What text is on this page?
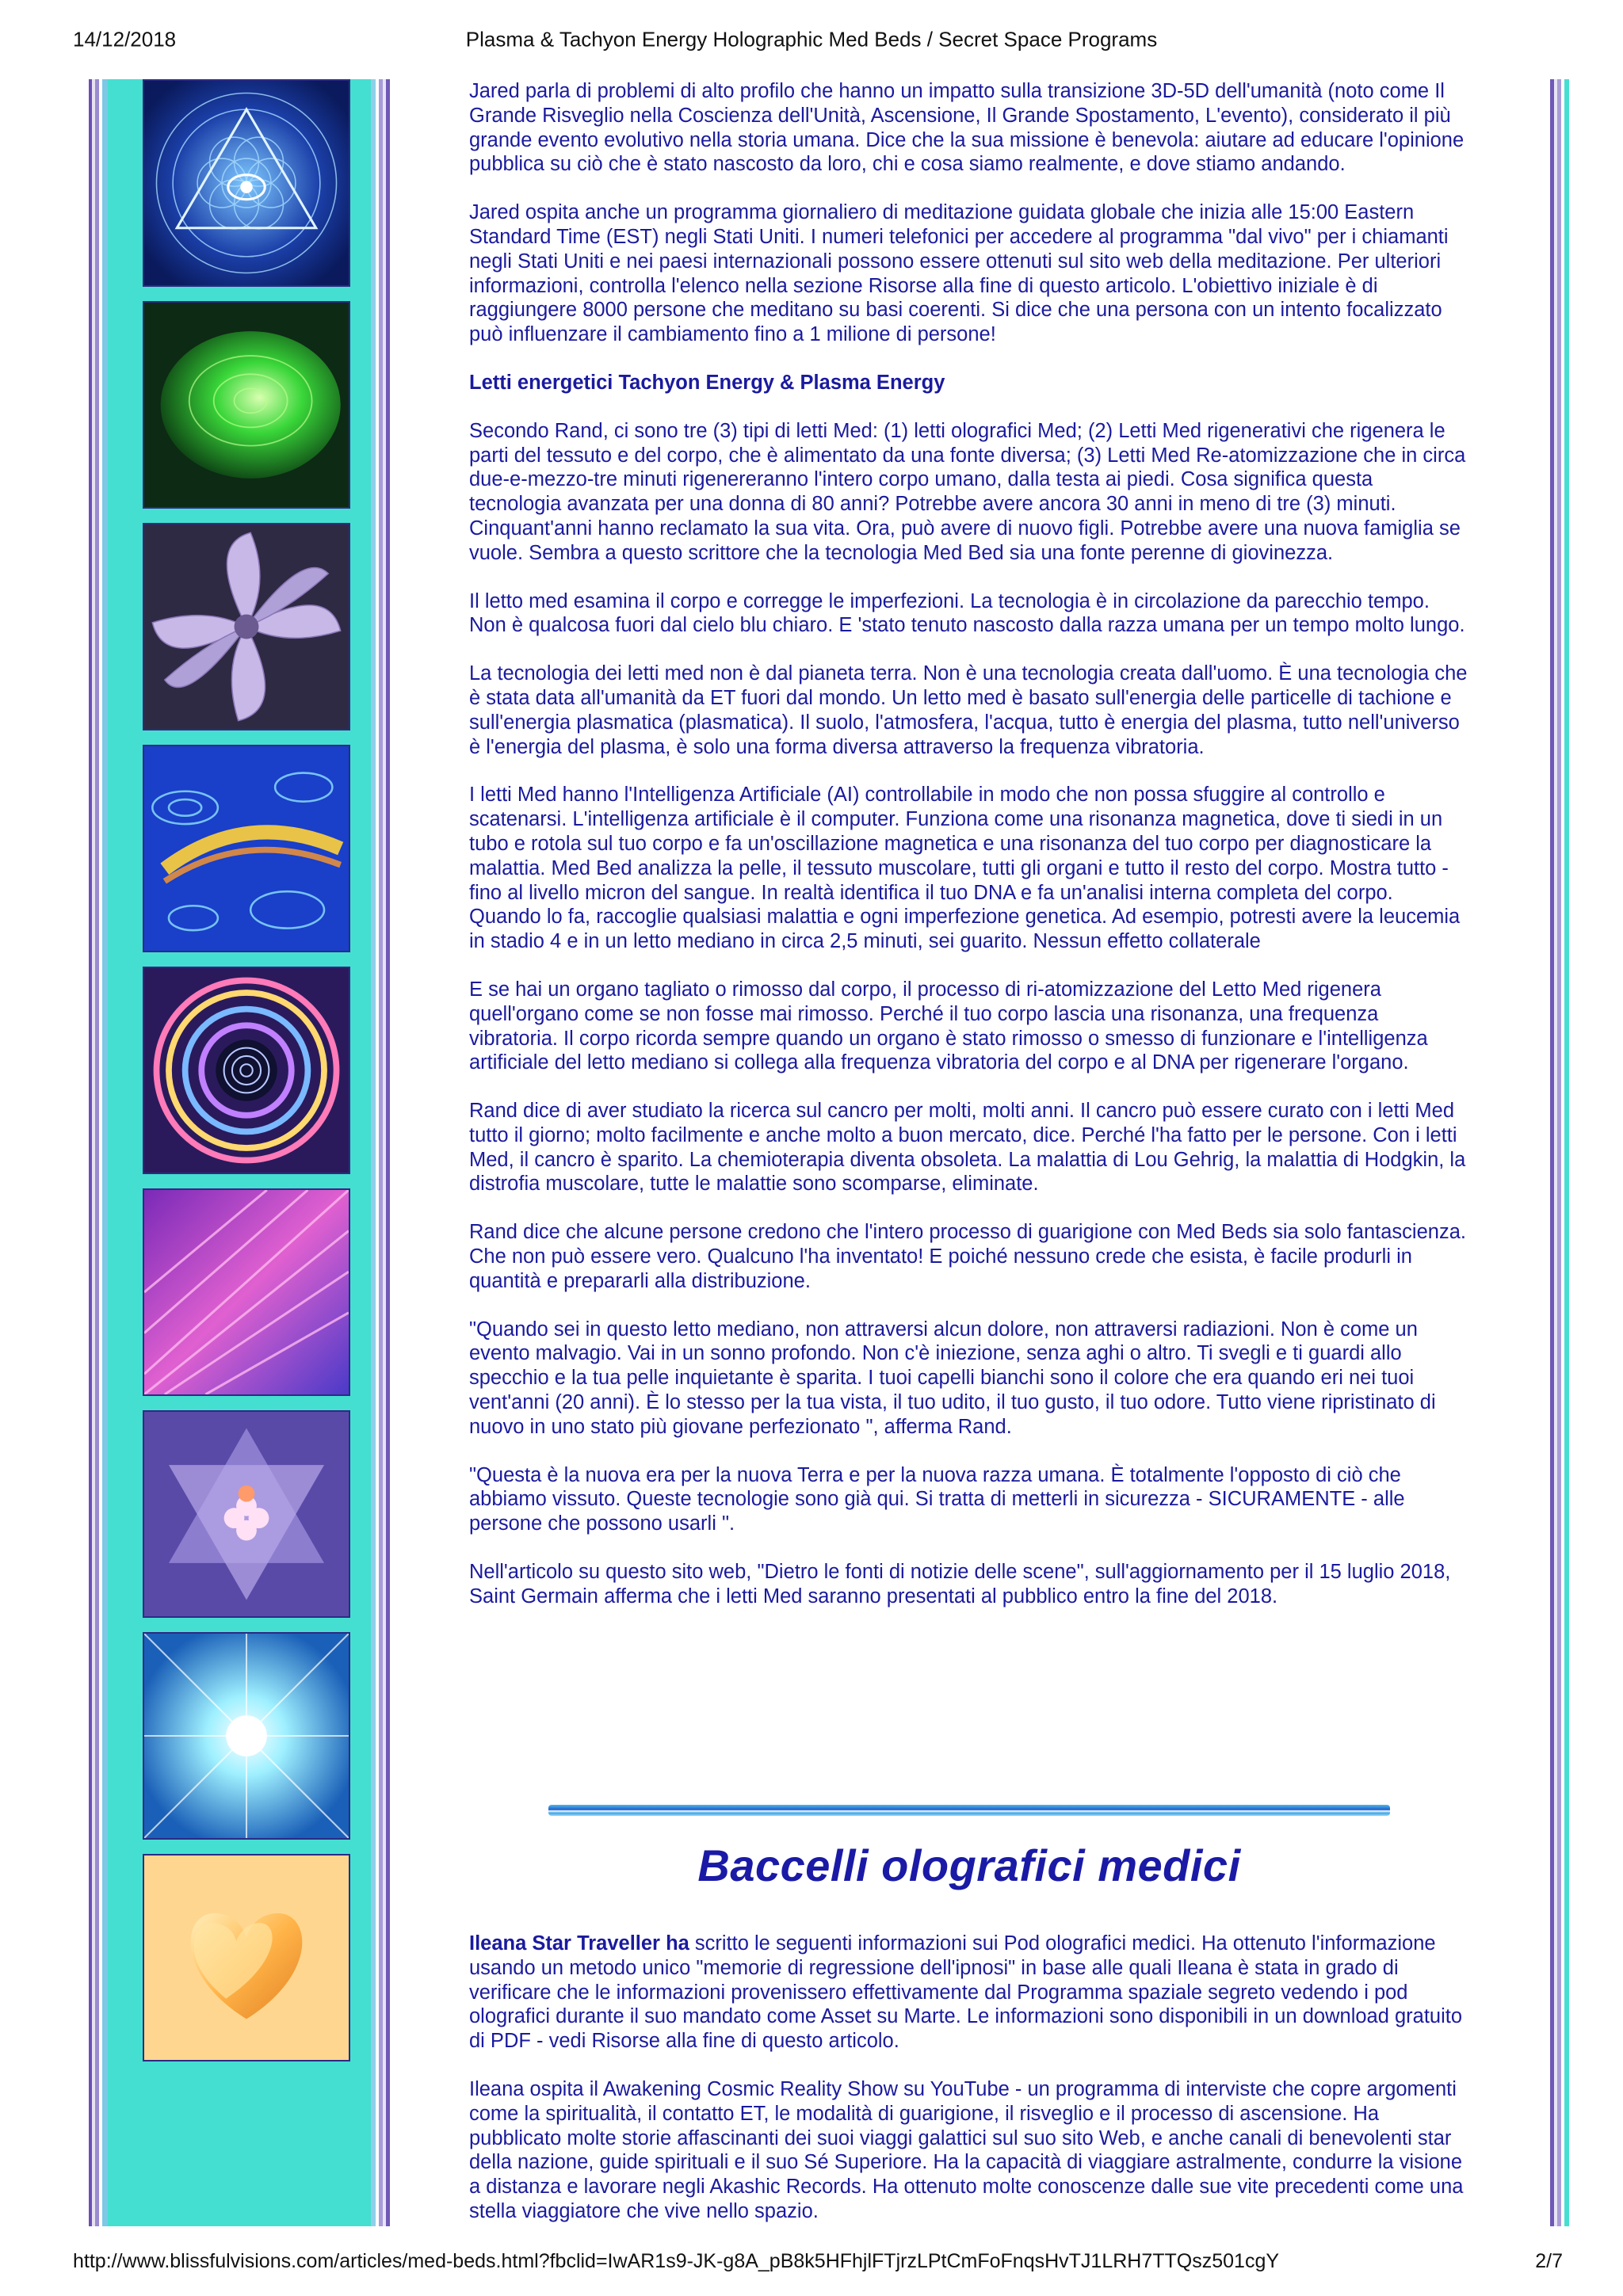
14/12/2018	Plasma & Tachyon Energy Holographic Med Beds / Secret Space Programs

Jared parla di problemi di alto profilo che hanno un impatto sulla transizione 3D-5D dell'umanità (noto come Il Grande Risveglio nella Coscienza dell'Unità, Ascensione, Il Grande Spostamento, L'evento), considerato il più grande evento evolutivo nella storia umana. Dice che la sua missione è benevola: aiutare ad educare l'opinione pubblica su ciò che è stato nascosto da loro, chi e cosa siamo realmente, e dove stiamo andando.

Jared ospita anche un programma giornaliero di meditazione guidata globale che inizia alle 15:00 Eastern Standard Time (EST) negli Stati Uniti. I numeri telefonici per accedere al programma "dal vivo" per i chiamanti negli Stati Uniti e nei paesi internazionali possono essere ottenuti sul sito web della meditazione. Per ulteriori informazioni, controlla l'elenco nella sezione Risorse alla fine di questo articolo. L'obiettivo iniziale è di raggiungere 8000 persone che meditano su basi coerenti. Si dice che una persona con un intento focalizzato può influenzare il cambiamento fino a 1 milione di persone!

Letti energetici Tachyon Energy & Plasma Energy

Secondo Rand, ci sono tre (3) tipi di letti Med: (1) letti olografici Med; (2) Letti Med rigenerativi che rigenera le parti del tessuto e del corpo, che è alimentato da una fonte diversa; (3) Letti Med Re-atomizzazione che in circa due-e-mezzo-tre minuti rigenereranno l'intero corpo umano, dalla testa ai piedi. Cosa significa questa tecnologia avanzata per una donna di 80 anni? Potrebbe avere ancora 30 anni in meno di tre (3) minuti. Cinquant'anni hanno reclamato la sua vita. Ora, può avere di nuovo figli. Potrebbe avere una nuova famiglia se vuole. Sembra a questo scrittore che la tecnologia Med Bed sia una fonte perenne di giovinezza.

Il letto med esamina il corpo e corregge le imperfezioni. La tecnologia è in circolazione da parecchio tempo. Non è qualcosa fuori dal cielo blu chiaro. E 'stato tenuto nascosto dalla razza umana per un tempo molto lungo.

La tecnologia dei letti med non è dal pianeta terra. Non è una tecnologia creata dall'uomo. È una tecnologia che è stata data all'umanità da ET fuori dal mondo. Un letto med è basato sull'energia delle particelle di tachione e sull'energia plasmatica (plasmatica). Il suolo, l'atmosfera, l'acqua, tutto è energia del plasma, tutto nell'universo è l'energia del plasma, è solo una forma diversa attraverso la frequenza vibratoria.

I letti Med hanno l'Intelligenza Artificiale (AI) controllabile in modo che non possa sfuggire al controllo e scatenarsi. L'intelligenza artificiale è il computer. Funziona come una risonanza magnetica, dove ti siedi in un tubo e rotola sul tuo corpo e fa un'oscillazione magnetica e una risonanza del tuo corpo per diagnosticare la malattia. Med Bed analizza la pelle, il tessuto muscolare, tutti gli organi e tutto il resto del corpo. Mostra tutto - fino al livello micron del sangue. In realtà identifica il tuo DNA e fa un'analisi interna completa del corpo. Quando lo fa, raccoglie qualsiasi malattia e ogni imperfezione genetica. Ad esempio, potresti avere la leucemia in stadio 4 e in un letto mediano in circa 2,5 minuti, sei guarito. Nessun effetto collaterale

E se hai un organo tagliato o rimosso dal corpo, il processo di ri-atomizzazione del Letto Med rigenera quell'organo come se non fosse mai rimosso. Perché il tuo corpo lascia una risonanza, una frequenza vibratoria. Il corpo ricorda sempre quando un organo è stato rimosso o smesso di funzionare e l'intelligenza artificiale del letto mediano si collega alla frequenza vibratoria del corpo e al DNA per rigenerare l'organo.

Rand dice di aver studiato la ricerca sul cancro per molti, molti anni. Il cancro può essere curato con i letti Med tutto il giorno; molto facilmente e anche molto a buon mercato, dice. Perché l'ha fatto per le persone. Con i letti Med, il cancro è sparito. La chemioterapia diventa obsoleta. La malattia di Lou Gehrig, la malattia di Hodgkin, la distrofia muscolare, tutte le malattie sono scomparse, eliminate.

Rand dice che alcune persone credono che l'intero processo di guarigione con Med Beds sia solo fantascienza. Che non può essere vero. Qualcuno l'ha inventato! E poiché nessuno crede che esista, è facile produrli in quantità e prepararli alla distribuzione.

"Quando sei in questo letto mediano, non attraversi alcun dolore, non attraversi radiazioni. Non è come un evento malvagio. Vai in un sonno profondo. Non c'è iniezione, senza aghi o altro. Ti svegli e ti guardi allo specchio e la tua pelle inquietante è sparita. I tuoi capelli bianchi sono il colore che era quando eri nei tuoi vent'anni (20 anni). È lo stesso per la tua vista, il tuo udito, il tuo gusto, il tuo odore. Tutto viene ripristinato di nuovo in uno stato più giovane perfezionato ", afferma Rand.

"Questa è la nuova era per la nuova Terra e per la nuova razza umana. È totalmente l'opposto di ciò che abbiamo vissuto. Queste tecnologie sono già qui. Si tratta di metterli in sicurezza - SICURAMENTE - alle persone che possono usarli ".

Nell'articolo su questo sito web, "Dietro le fonti di notizie delle scene", sull'aggiornamento per il 15 luglio 2018, Saint Germain afferma che i letti Med saranno presentati al pubblico entro la fine del 2018.

Baccelli olografici medici

Ileana Star Traveller ha scritto le seguenti informazioni sui Pod olografici medici. Ha ottenuto l'informazione usando un metodo unico "memorie di regressione dell'ipnosi" in base alle quali Ileana è stata in grado di verificare che le informazioni provenissero effettivamente dal Programma spaziale segreto vedendo i pod olografici durante il suo mandato come Asset su Marte. Le informazioni sono disponibili in un download gratuito di PDF - vedi Risorse alla fine di questo articolo.

Ileana ospita il Awakening Cosmic Reality Show su YouTube - un programma di interviste che copre argomenti come la spiritualità, il contatto ET, le modalità di guarigione, il risveglio e il processo di ascensione. Ha pubblicato molte storie affascinanti dei suoi viaggi galattici sul suo sito Web, e anche canali di benevolenti star della nazione, guide spirituali e il suo Sé Superiore. Ha la capacità di viaggiare astralmente, condurre la visione a distanza e lavorare negli Akashic Records. Ha ottenuto molte conoscenze dalle sue vite precedenti come una stella viaggiatore che vive nello spazio.

http://www.blissfulvisions.com/articles/med-beds.html?fbclid=IwAR1s9-JK-g8A_pB8k5HFhjlFTjrzLPtCmFoFnqsHvTJ1LRH7TTQsz501cgY	2/7
